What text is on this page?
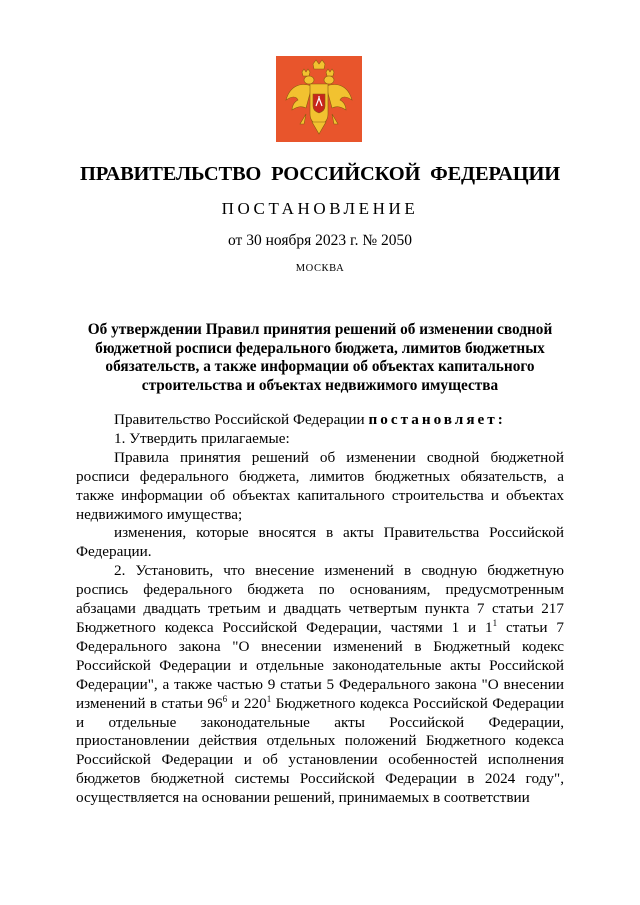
ПРАВИТЕЛЬСТВО РОССИЙСКОЙ ФЕДЕРАЦИИ
ПОСТАНОВЛЕНИЕ
от 30 ноября 2023 г. № 2050
МОСКВА
Об утверждении Правил принятия решений об изменении сводной бюджетной росписи федерального бюджета, лимитов бюджетных обязательств, а также информации об объектах капитального строительства и объектах недвижимого имущества

Правительство Российской Федерации постановляет:

1. Утвердить прилагаемые:

Правила принятия решений об изменении сводной бюджетной росписи федерального бюджета, лимитов бюджетных обязательств, а также информации об объектах капитального строительства и объектах недвижимого имущества;

изменения, которые вносятся в акты Правительства Российской Федерации.

2. Установить, что внесение изменений в сводную бюджетную роспись федерального бюджета по основаниям, предусмотренным абзацами двадцать третьим и двадцать четвертым пункта 7 статьи 217 Бюджетного кодекса Российской Федерации, частями 1 и $1^1$ статьи 7 Федерального закона "О внесении изменений в Бюджетный кодекс Российской Федерации и отдельные законодательные акты Российской Федерации", а также частью 9 статьи 5 Федерального закона "О внесении изменений в статьи $96^6$ и $220^1$ Бюджетного кодекса Российской Федерации и отдельные законодательные акты Российской Федерации, приостановлении действия отдельных положений Бюджетного кодекса Российской Федерации и об установлении особенностей исполнения бюджетов бюджетной системы Российской Федерации в 2024 году", осуществляется на основании решений, принимаемых в соответствии
